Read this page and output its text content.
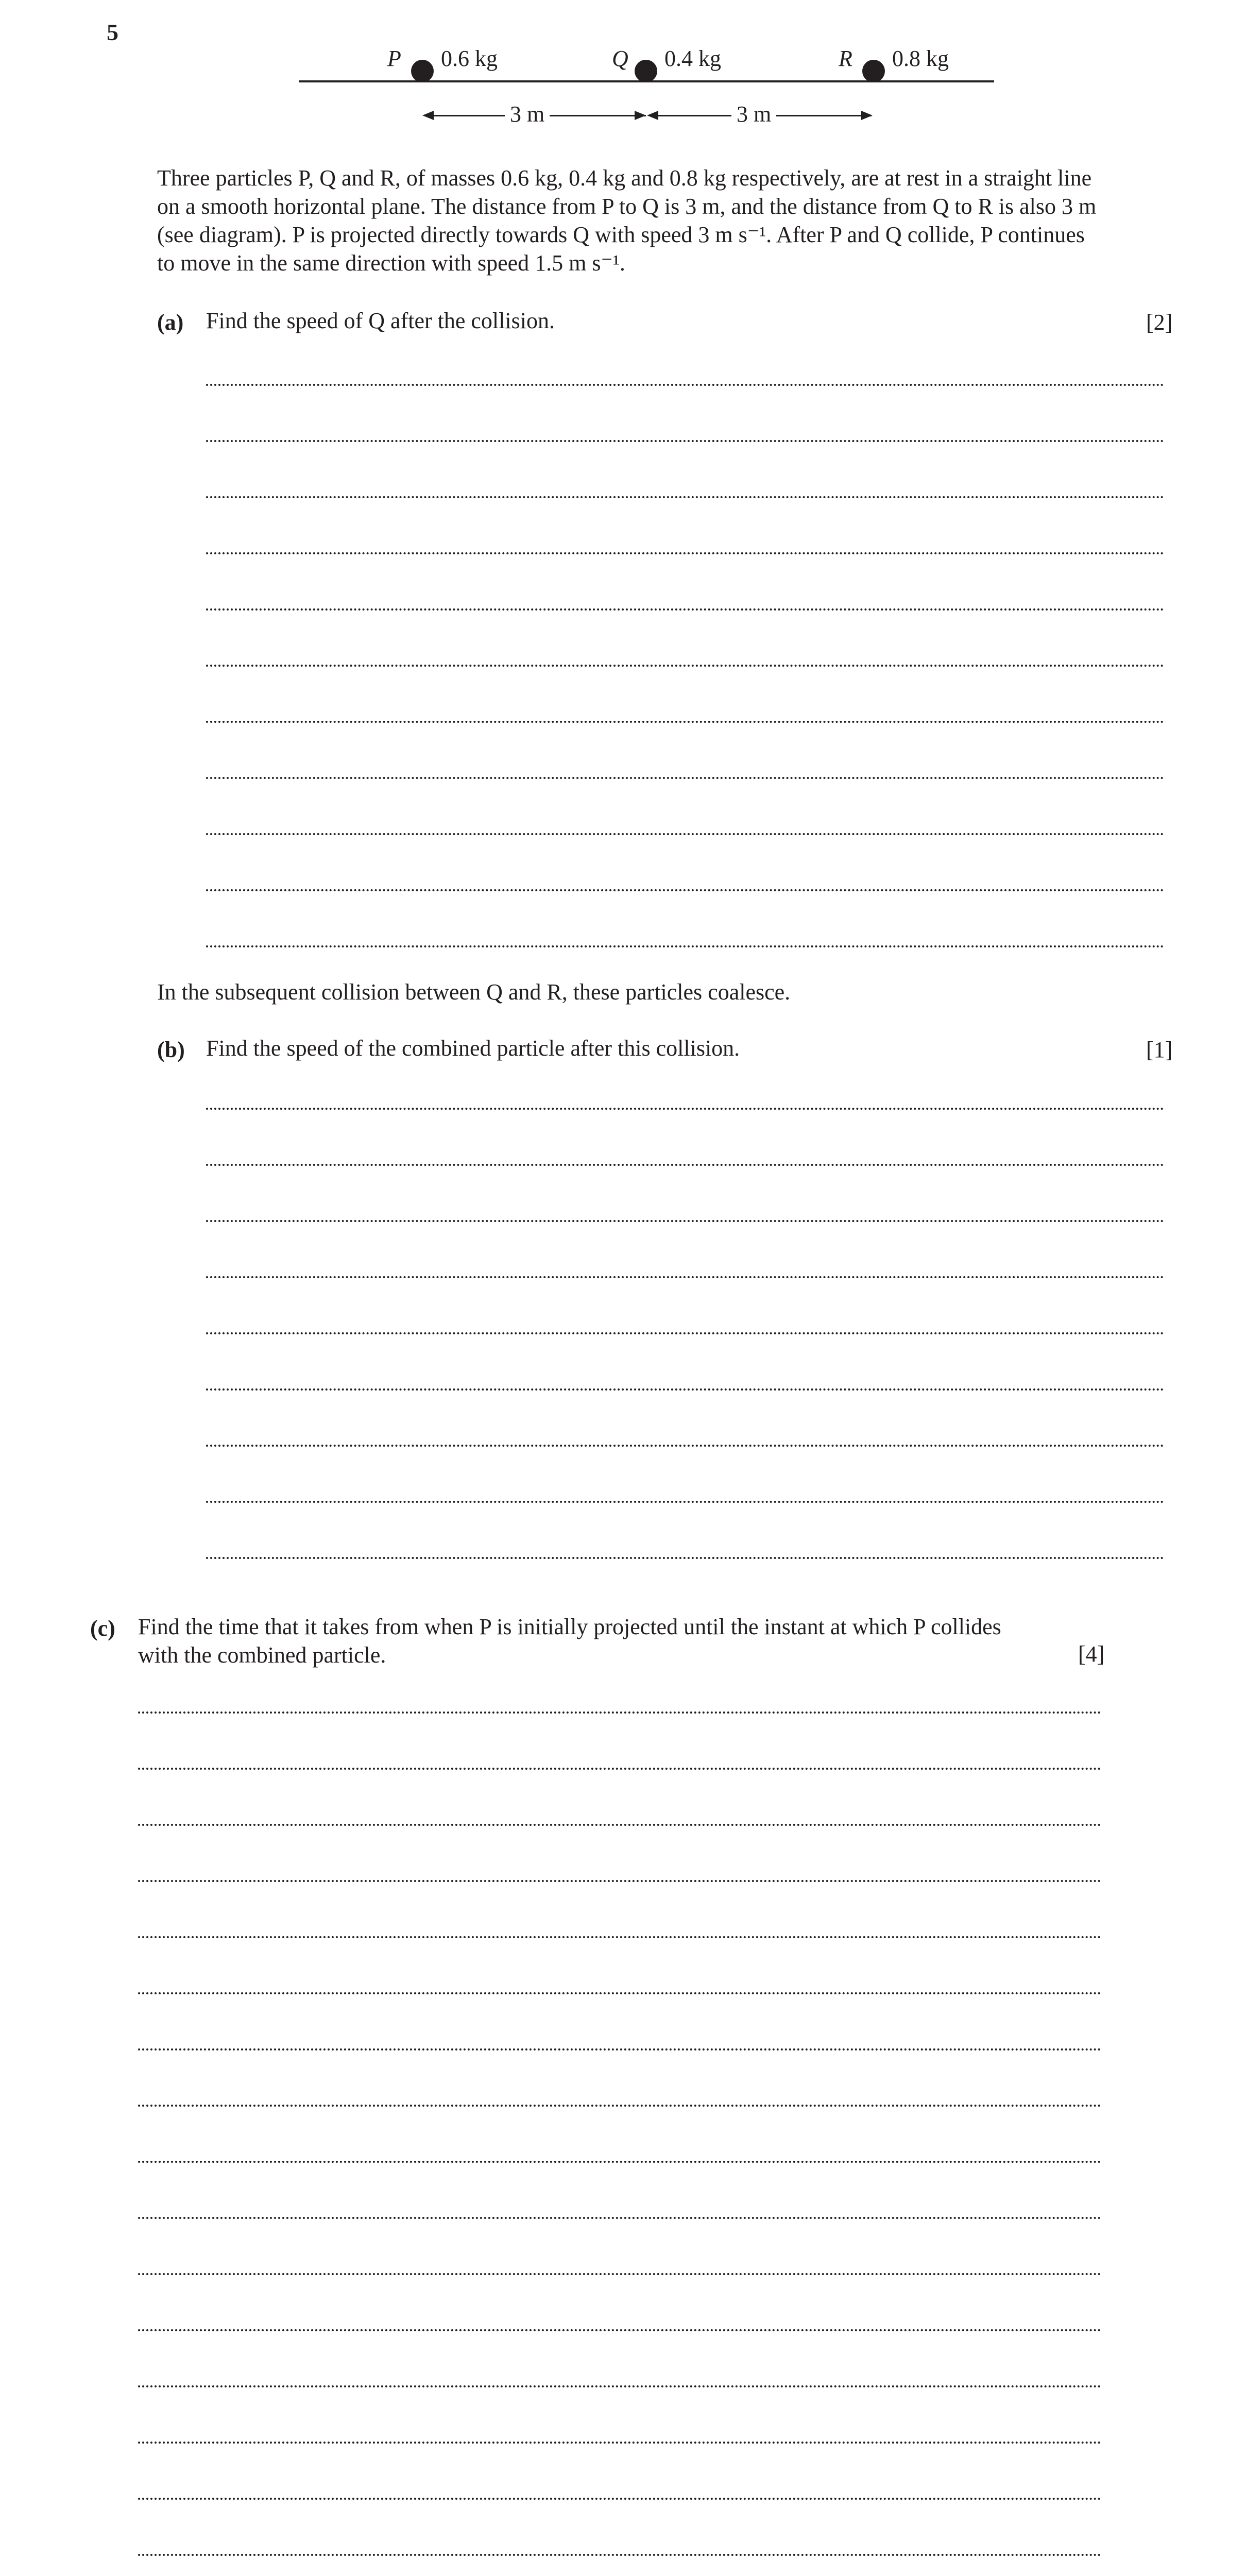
5
P 0.6 kg	Q 0.4 kg	R 0.8 kg
3 m	3 m
Three particles P, Q and R, of masses 0.6 kg, 0.4 kg and 0.8 kg respectively, are at rest in a straight line
on a smooth horizontal plane. The distance from P to Q is 3 m, and the distance from Q to R is also 3 m
(see diagram). P is projected directly towards Q with speed 3 m s⁻¹. After P and Q collide, P continues
to move in the same direction with speed 1.5 m s⁻¹.
(a) Find the speed of Q after the collision.	[2]
In the subsequent collision between Q and R, these particles coalesce.
(b) Find the speed of the combined particle after this collision.	[1]
(c) Find the time that it takes from when P is initially projected until the instant at which P collides
with the combined particle.	[4]
